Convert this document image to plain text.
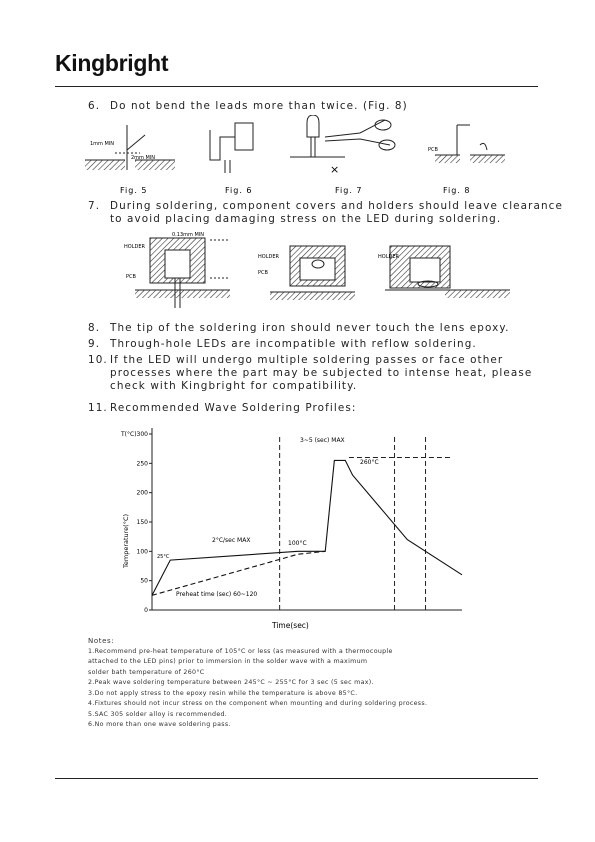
Kingbright
6. Do not bend the leads more than twice. (Fig. 8)
1mm MIN
2mm MIN
×
PCB
Fig. 5	Fig. 6	Fig. 7	Fig. 8
7. During soldering, component covers and holders should leave clearance
to avoid placing damaging stress on the LED during soldering.
0.13mm MIN
HOLDER
PCB
HOLDER
PCB
HOLDER
8. The tip of the soldering iron should never touch the lens epoxy.
9. Through-hole LEDs are incompatible with reflow soldering.
10. If the LED will undergo multiple soldering passes or face other
processes where the part may be subjected to intense heat, please
check with Kingbright for compatibility.
11. Recommended Wave Soldering Profiles:
0
50
100
150
200
250
T(°C)300
3~5 (sec) MAX
260°C
2°C/sec MAX	100°C
25°C
Preheat time (sec) 60~120
Time(sec)
Temperature(°C)
Notes:
1.Recommend pre-heat temperature of 105°C or less (as measured with a thermocouple
attached to the LED pins) prior to immersion in the solder wave with a maximum
solder bath temperature of 260°C
2.Peak wave soldering temperature between 245°C ~ 255°C for 3 sec (5 sec max).
3.Do not apply stress to the epoxy resin while the temperature is above 85°C.
4.Fixtures should not incur stress on the component when mounting and during soldering process.
5.SAC 305 solder alloy is recommended.
6.No more than one wave soldering pass.
